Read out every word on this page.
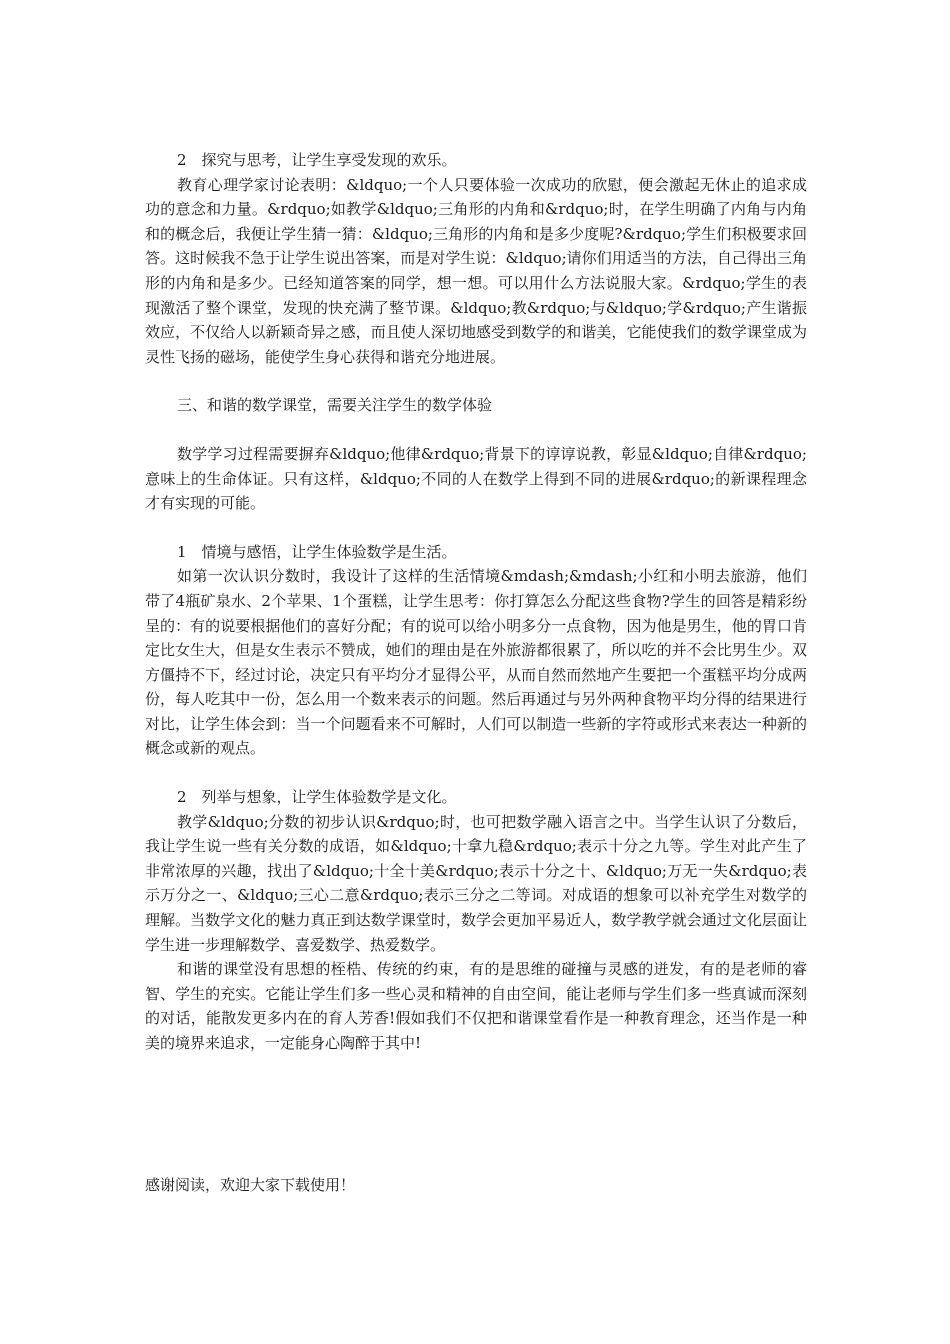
2　探究与思考，让学生享受发现的欢乐。

教育心理学家讨论表明：&ldquo;一个人只要体验一次成功的欣慰，便会激起无休止的追求成功的意念和力量。&rdquo;如教学&ldquo;三角形的内角和&rdquo;时，在学生明确了内角与内角和的概念后，我便让学生猜一猜：&ldquo;三角形的内角和是多少度呢?&rdquo;学生们积极要求回答。这时候我不急于让学生说出答案，而是对学生说：&ldquo;请你们用适当的方法，自己得出三角形的内角和是多少。已经知道答案的同学，想一想。可以用什么方法说服大家。&rdquo;学生的表现激活了整个课堂，发现的快充满了整节课。&ldquo;教&rdquo;与&ldquo;学&rdquo;产生谐振效应，不仅给人以新颖奇异之感，而且使人深切地感受到数学的和谐美，它能使我们的数学课堂成为灵性飞扬的磁场，能使学生身心获得和谐充分地进展。

三、和谐的数学课堂，需要关注学生的数学体验

数学学习过程需要摒弃&ldquo;他律&rdquo;背景下的谆谆说教，彰显&ldquo;自律&rdquo;意味上的生命体证。只有这样，&ldquo;不同的人在数学上得到不同的进展&rdquo;的新课程理念才有实现的可能。

1　情境与感悟，让学生体验数学是生活。

如第一次认识分数时，我设计了这样的生活情境&mdash;&mdash;小红和小明去旅游，他们带了4瓶矿泉水、2个苹果、1个蛋糕，让学生思考：你打算怎么分配这些食物?学生的回答是精彩纷呈的：有的说要根据他们的喜好分配；有的说可以给小明多分一点食物，因为他是男生，他的胃口肯定比女生大，但是女生表示不赞成，她们的理由是在外旅游都很累了，所以吃的并不会比男生少。双方僵持不下，经过讨论，决定只有平均分才显得公平，从而自然而然地产生要把一个蛋糕平均分成两份，每人吃其中一份，怎么用一个数来表示的问题。然后再通过与另外两种食物平均分得的结果进行对比，让学生体会到：当一个问题看来不可解时，人们可以制造一些新的字符或形式来表达一种新的概念或新的观点。

2　列举与想象，让学生体验数学是文化。

教学&ldquo;分数的初步认识&rdquo;时，也可把数学融入语言之中。当学生认识了分数后，我让学生说一些有关分数的成语，如&ldquo;十拿九稳&rdquo;表示十分之九等。学生对此产生了非常浓厚的兴趣，找出了&ldquo;十全十美&rdquo;表示十分之十、&ldquo;万无一失&rdquo;表示万分之一、&ldquo;三心二意&rdquo;表示三分之二等词。对成语的想象可以补充学生对数学的理解。当数学文化的魅力真正到达数学课堂时，数学会更加平易近人，数学教学就会通过文化层面让学生进一步理解数学、喜爱数学、热爱数学。

和谐的课堂没有思想的桎梏、传统的约束，有的是思维的碰撞与灵感的迸发，有的是老师的睿智、学生的充实。它能让学生们多一些心灵和精神的自由空间，能让老师与学生们多一些真诚而深刻的对话，能散发更多内在的育人芳香!假如我们不仅把和谐课堂看作是一种教育理念，还当作是一种美的境界来追求，一定能身心陶醉于其中!

感谢阅读，欢迎大家下载使用！
